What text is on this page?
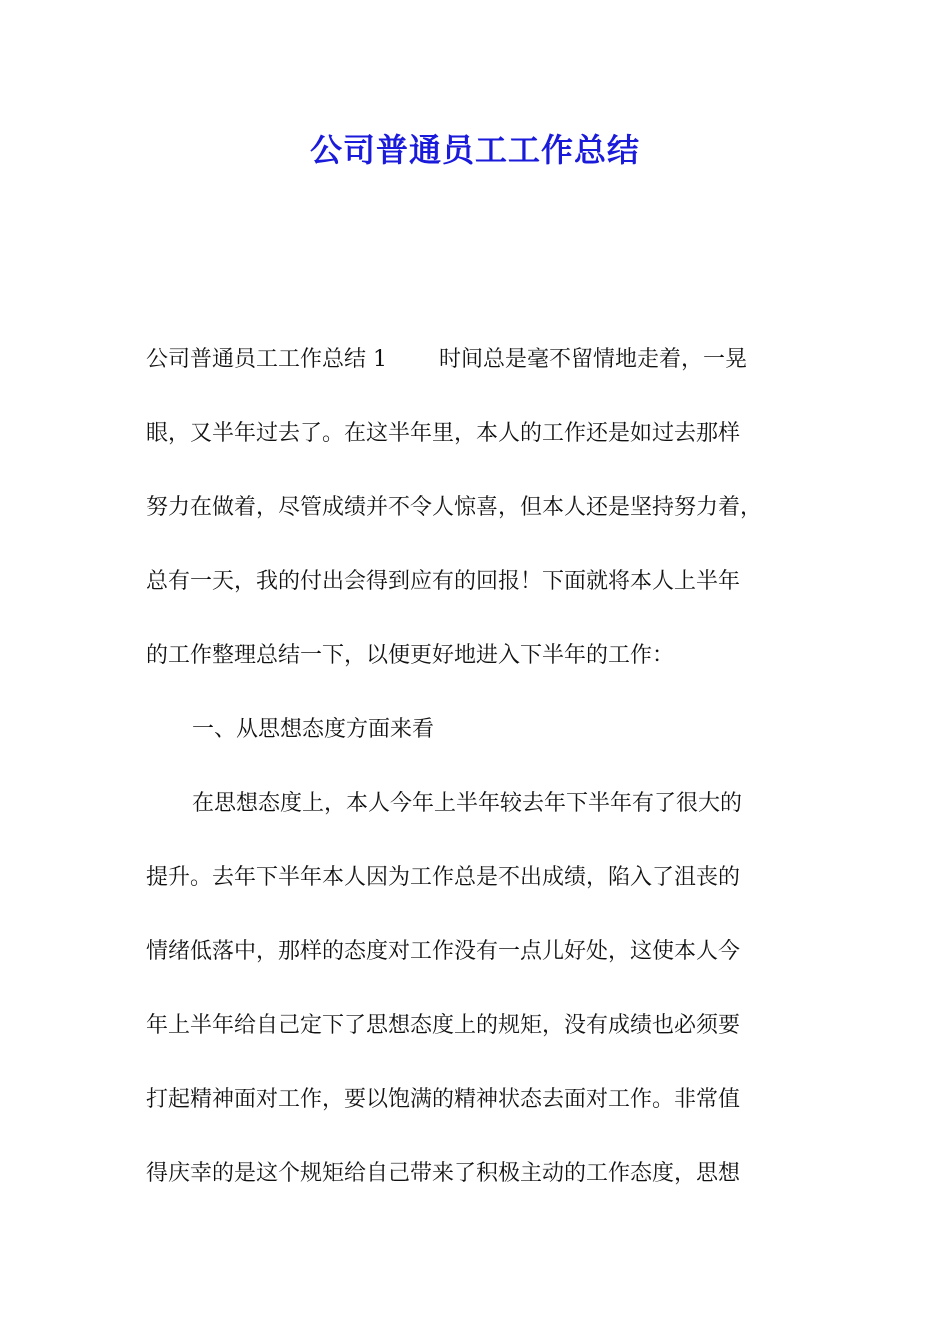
公司普通员工工作总结

公司普通员工工作总结 1 时间总是毫不留情地走着，一晃

眼，又半年过去了。在这半年里，本人的工作还是如过去那样

努力在做着，尽管成绩并不令人惊喜，但本人还是坚持努力着，

总有一天，我的付出会得到应有的回报！下面就将本人上半年

的工作整理总结一下，以便更好地进入下半年的工作：

一、从思想态度方面来看

在思想态度上，本人今年上半年较去年下半年有了很大的

提升。去年下半年本人因为工作总是不出成绩，陷入了沮丧的

情绪低落中，那样的态度对工作没有一点儿好处，这使本人今

年上半年给自己定下了思想态度上的规矩，没有成绩也必须要

打起精神面对工作，要以饱满的精神状态去面对工作。非常值

得庆幸的是这个规矩给自己带来了积极主动的工作态度，思想
